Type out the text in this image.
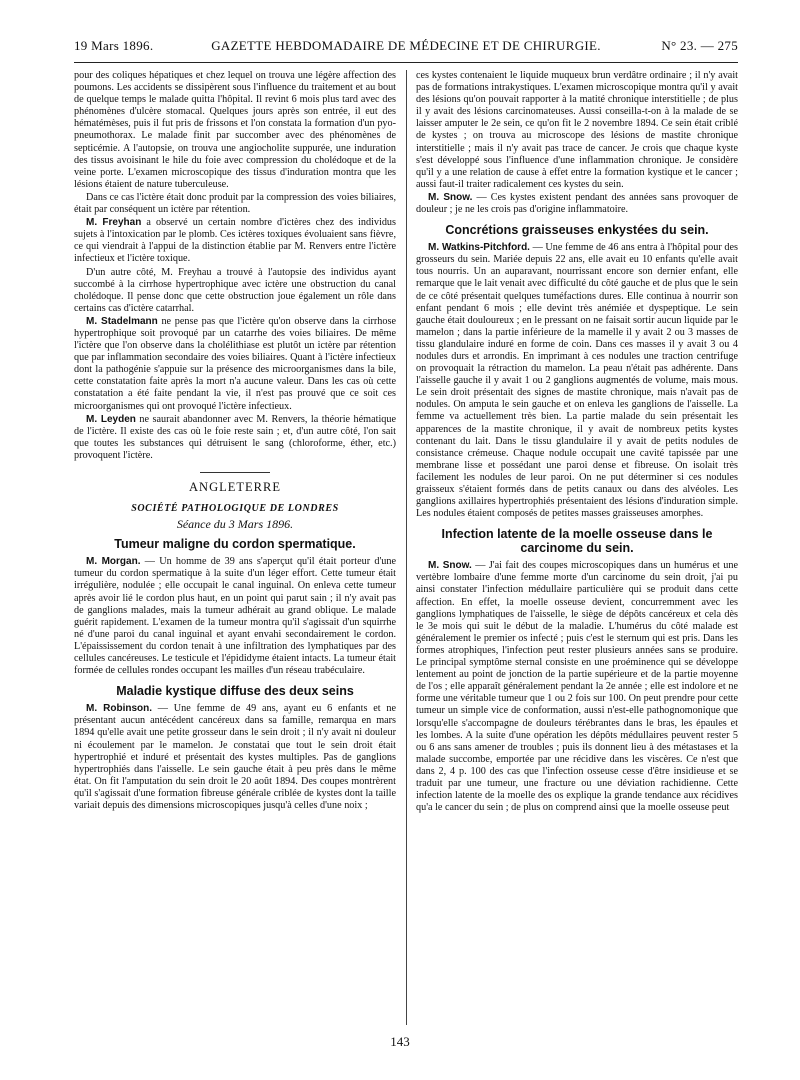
19 Mars 1896.	GAZETTE HEBDOMADAIRE DE MÉDECINE ET DE CHIRURGIE.	N° 23. — 275

pour des coliques hépatiques et chez lequel on trouva une légère affection des poumons. Les accidents se dissipèrent sous l'influence du traitement et au bout de quelque temps le malade quitta l'hôpital. Il revint 6 mois plus tard avec des phénomènes d'ulcère stomacal. Quelques jours après son entrée, il eut des hématémèses, puis il fut pris de frissons et l'on constata la formation d'un pyo-pneumothorax. Le malade finit par succomber avec des phénomènes de septicémie. A l'autopsie, on trouva une angiocholite suppurée, une induration des tissus avoisinant le hile du foie avec compression du cholédoque et de la veine porte. L'examen microscopique des tissus d'induration montra que les lésions étaient de nature tuberculeuse.

Dans ce cas l'ictère était donc produit par la compression des voies biliaires, était par conséquent un ictère par rétention.

M. Freyhan a observé un certain nombre d'ictères chez des individus sujets à l'intoxication par le plomb. Ces ictères toxiques évoluaient sans fièvre, ce qui viendrait à l'appui de la distinction établie par M. Renvers entre l'ictère infectieux et l'ictère toxique.

D'un autre côté, M. Freyhau a trouvé à l'autopsie des individus ayant succombé à la cirrhose hypertrophique avec ictère une obstruction du canal cholédoque. Il pense donc que cette obstruction joue également un rôle dans certains cas d'ictère catarrhal.

M. Stadelmann ne pense pas que l'ictère qu'on observe dans la cirrhose hypertrophique soit provoqué par un catarrhe des voies biliaires. De même l'ictère que l'on observe dans la cholélithiase est plutôt un ictère par rétention que par inflammation secondaire des voies biliaires. Quant à l'ictère infectieux dont la pathogénie s'appuie sur la présence des microorganismes dans la bile, cette constatation faite après la mort n'a aucune valeur. Dans les cas où cette constatation a été faite pendant la vie, il n'est pas prouvé que ce soit ces microorganismes qui ont provoqué l'ictère infectieux.

M. Leyden ne saurait abandonner avec M. Renvers, la théorie hématique de l'ictère. Il existe des cas où le foie reste sain ; et, d'un autre côté, l'on sait que toutes les substances qui détruisent le sang (chloroforme, éther, etc.) provoquent l'ictère.

ANGLETERRE
SOCIÉTÉ PATHOLOGIQUE DE LONDRES
Séance du 3 Mars 1896.
Tumeur maligne du cordon spermatique.

M. Morgan. — Un homme de 39 ans s'aperçut qu'il était porteur d'une tumeur du cordon spermatique à la suite d'un léger effort. Cette tumeur était irrégulière, nodulée ; elle occupait le canal inguinal. On enleva cette tumeur après avoir lié le cordon plus haut, en un point qui parut sain ; il n'y avait pas de ganglions malades, mais la tumeur adhérait au grand oblique. Le malade guérit rapidement. L'examen de la tumeur montra qu'il s'agissait d'un squirrhe né d'une paroi du canal inguinal et ayant envahi secondairement le cordon. L'épaississement du cordon tenait à une infiltration des lymphatiques par des cellules cancéreuses. Le testicule et l'épididyme étaient intacts. La tumeur était formée de cellules rondes occupant les mailles d'un réseau trabéculaire.

Maladie kystique diffuse des deux seins

M. Robinson. — Une femme de 49 ans, ayant eu 6 enfants et ne présentant aucun antécédent cancéreux dans sa famille, remarqua en mars 1894 qu'elle avait une petite grosseur dans le sein droit ; il n'y avait ni douleur ni écoulement par le mamelon. Je constatai que tout le sein droit était hypertrophié et induré et présentait des kystes multiples. Pas de ganglions hypertrophiés dans l'aisselle. Le sein gauche était à peu près dans le même état. On fit l'amputation du sein droit le 20 août 1894. Des coupes montrèrent qu'il s'agissait d'une formation fibreuse générale criblée de kystes dont la taille variait depuis des dimensions microscopiques jusqu'à celles d'une noix ;

ces kystes contenaient le liquide muqueux brun verdâtre ordinaire ; il n'y avait pas de formations intrakystiques. L'examen microscopique montra qu'il y avait des lésions qu'on pouvait rapporter à la matité chronique interstitielle ; de plus il y avait des lésions carcinomateuses. Aussi conseilla-t-on à la malade de se laisser amputer le 2e sein, ce qu'on fit le 2 novembre 1894. Ce sein était criblé de kystes ; on trouva au microscope des lésions de mastite chronique interstitielle ; mais il n'y avait pas trace de cancer. Je crois que chaque kyste s'est développé sous l'influence d'une inflammation chronique. Je considère qu'il y a une relation de cause à effet entre la formation kystique et le cancer ; aussi faut-il traiter radicalement ces kystes du sein.

M. Snow. — Ces kystes existent pendant des années sans provoquer de douleur ; je ne les crois pas d'origine inflammatoire.

Concrétions graisseuses enkystées du sein.

M. Watkins-Pitchford. — Une femme de 46 ans entra à l'hôpital pour des grosseurs du sein. Mariée depuis 22 ans, elle avait eu 10 enfants qu'elle avait tous nourris. Un an auparavant, nourrissant encore son dernier enfant, elle remarque que le lait venait avec difficulté du côté gauche et de plus que le sein de ce côté présentait quelques tuméfactions dures. Elle continua à nourrir son enfant pendant 6 mois ; elle devint très anémiée et dyspeptique. Le sein gauche était douloureux ; en le pressant on ne faisait sortir aucun liquide par le mamelon ; dans la partie inférieure de la mamelle il y avait 2 ou 3 masses de tissu glandulaire induré en forme de coin. Dans ces masses il y avait 3 ou 4 nodules durs et arrondis. En imprimant à ces nodules une traction centrifuge on provoquait la rétraction du mamelon. La peau n'était pas adhérente. Dans l'aisselle gauche il y avait 1 ou 2 ganglions augmentés de volume, mais mous. Le sein droit présentait des signes de mastite chronique, mais n'avait pas de nodules. On amputa le sein gauche et on enleva les ganglions de l'aisselle. La femme va actuellement très bien. La partie malade du sein présentait les apparences de la mastite chronique, il y avait de nombreux petits kystes contenant du lait. Dans le tissu glandulaire il y avait de petits nodules de consistance crémeuse. Chaque nodule occupait une cavité tapissée par une membrane lisse et possédant une paroi dense et fibreuse. On isolait très facilement les nodules de leur paroi. On ne put déterminer si ces nodules graisseux s'étaient formés dans de petits canaux ou dans des alvéoles. Les ganglions axillaires hypertrophiés présentaient des lésions d'induration simple. Les nodules étaient composés de petites masses graisseuses amorphes.

Infection latente de la moelle osseuse dans le carcinome du sein.

M. Snow. — J'ai fait des coupes microscopiques dans un humérus et une vertèbre lombaire d'une femme morte d'un carcinome du sein droit, j'ai pu ainsi constater l'infection médullaire particulière qui se produit dans cette affection. En effet, la moelle osseuse devient, concurremment avec les ganglions lymphatiques de l'aisselle, le siège de dépôts cancéreux et cela dès le 3e mois qui suit le début de la maladie. L'humérus du côté malade est généralement le premier os infecté ; puis c'est le sternum qui est pris. Dans les formes atrophiques, l'infection peut rester plusieurs années sans se produire. Le principal symptôme sternal consiste en une proéminence qui se développe lentement au point de jonction de la partie supérieure et de la partie moyenne de l'os ; elle apparaît généralement pendant la 2e année ; elle est indolore et ne forme une véritable tumeur que 1 ou 2 fois sur 100. On peut prendre pour cette tumeur un simple vice de conformation, aussi n'est-elle pathognomonique que lorsqu'elle s'accompagne de douleurs térébrantes dans le bras, les épaules et les lombes. A la suite d'une opération les dépôts médullaires peuvent rester 5 ou 6 ans sans amener de troubles ; puis ils donnent lieu à des métastases et la malade succombe, emportée par une récidive dans les viscères. Ce n'est que dans 2, 4 p. 100 des cas que l'infection osseuse cesse d'être insidieuse et se traduit par une tumeur, une fracture ou une déviation rachidienne. Cette infection latente de la moelle des os explique la grande tendance aux récidives qu'a le cancer du sein ; de plus on comprend ainsi que la moelle osseuse peut

143
